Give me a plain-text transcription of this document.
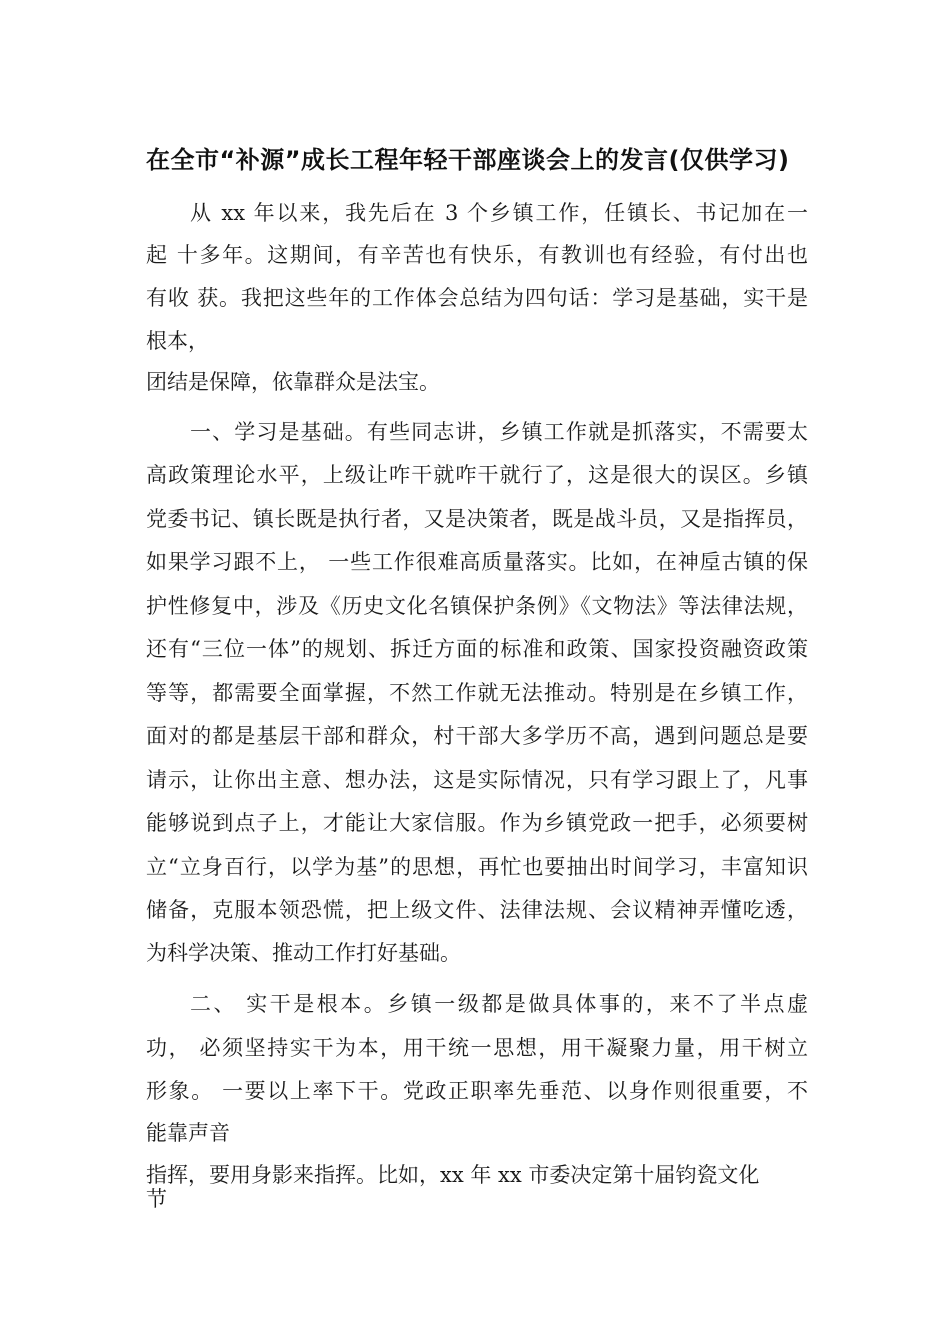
在全市“补源”成长工程年轻干部座谈会上的发言(仅供学习)
从 xx 年以来，我先后在 3 个乡镇工作，任镇长、书记加在一
起 十多年。这期间，有辛苦也有快乐，有教训也有经验，有付出也
有收 获。我把这些年的工作体会总结为四句话：学习是基础，实干是
根本，
团结是保障，依靠群众是法宝。
一、学习是基础。有些同志讲，乡镇工作就是抓落实，不需要太
高政策理论水平，上级让咋干就咋干就行了，这是很大的误区。乡镇
党委书记、镇长既是执行者，又是决策者，既是战斗员，又是指挥员，
如果学习跟不上， 一些工作很难高质量落实。比如，在神垕古镇的保
护性修复中，涉及《历史文化名镇保护条例》《文物法》等法律法规，
还有“三位一体”的规划、拆迁方面的标准和政策、国家投资融资政策
等等，都需要全面掌握，不然工作就无法推动。特别是在乡镇工作，
面对的都是基层干部和群众，村干部大多学历不高，遇到问题总是要
请示，让你出主意、想办法，这是实际情况，只有学习跟上了，凡事
能够说到点子上，才能让大家信服。作为乡镇党政一把手，必须要树
立“立身百行，以学为基”的思想，再忙也要抽出时间学习，丰富知识
储备，克服本领恐慌，把上级文件、法律法规、会议精神弄懂吃透，
为科学决策、推动工作打好基础。
二、 实干是根本。乡镇一级都是做具体事的，来不了半点虚
功， 必须坚持实干为本，用干统一思想，用干凝聚力量，用干树立
形象。 一要以上率下干。党政正职率先垂范、以身作则很重要，不
能靠声音
指挥，要用身影来指挥。比如，xx 年 xx 市委决定第十届钧瓷文化
节
